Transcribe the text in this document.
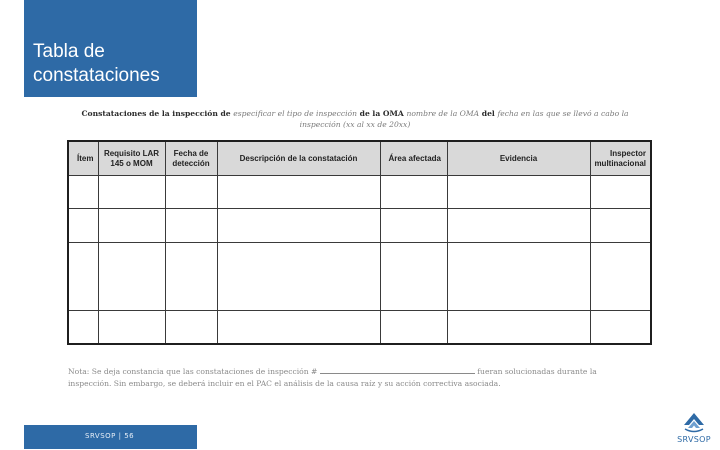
Tabla de constataciones
Constataciones de la inspección de especificar el tipo de inspección de la OMA nombre de la OMA del fecha en las que se llevó a cabo la inspección (xx al xx de 20xx)
Ítem	Requisito LAR 145 o MOM	Fecha de detección	Descripción de la constatación	Área afectada	Evidencia	Inspector multinacional

Nota: Se deja constancia que las constataciones de inspección #	fueran solucionadas durante la inspección. Sin embargo, se deberá incluir en el PAC el análisis de la causa raíz y su acción correctiva asociada.
SRVSOP | 56	SRVSOP
